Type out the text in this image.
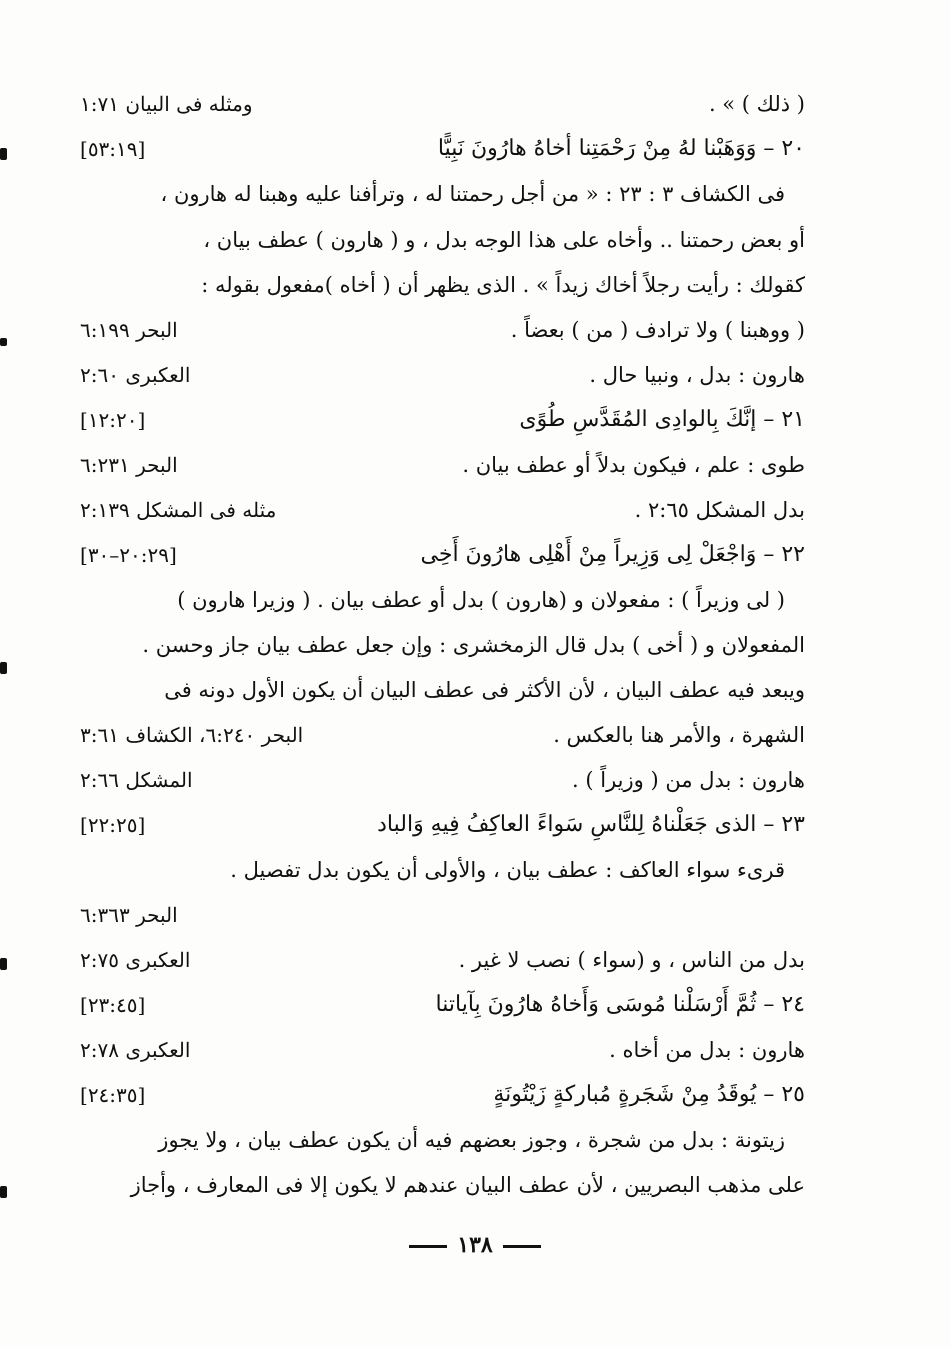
( ذلك ) » .
ومثله فى البيان ١:٧١
٢٠ – وَوَهَبْنا لهُ مِنْ رَحْمَتِنا أخاهُ هارُونَ نَبِيًّا
[٥٣:١٩]
فى الكشاف ٣ : ٢٣ : « من أجل رحمتنا له ، وترأفنا عليه وهبنا له هارون ،
أو بعض رحمتنا .. وأخاه على هذا الوجه بدل ، و ( هارون ) عطف بيان ،
كقولك : رأيت رجلاً أخاك زيداً » . الذى يظهر أن ( أخاه )مفعول بقوله :
( ووهبنا ) ولا ترادف ( من ) بعضاً .
البحر ٦:١٩٩
هارون : بدل ، ونبيا حال .
العكبرى ٢:٦٠
٢١ – إنَّكَ بِالوادِى المُقَدَّسِ طُوًى
[١٢:٢٠]
طوى : علم ، فيكون بدلاً أو عطف بيان .
البحر ٦:٢٣١
بدل المشكل ٢:٦٥ .
مثله فى المشكل ٢:١٣٩
٢٢ – وَاجْعَلْ لِى وَزِيراً مِنْ أَهْلِى هارُونَ أَخِى
[٢٠:٢٩–٣٠]
( لى وزيراً ) : مفعولان و (هارون ) بدل أو عطف بيان . ( وزيرا هارون )
المفعولان و ( أخى ) بدل قال الزمخشرى : وإن جعل عطف بيان جاز وحسن .
ويبعد فيه عطف البيان ، لأن الأكثر فى عطف البيان أن يكون الأول دونه فى
الشهرة ، والأمر هنا بالعكس .
البحر ٦:٢٤٠، الكشاف ٣:٦١
هارون : بدل من ( وزيراً ) .
المشكل ٢:٦٦
٢٣ – الذى جَعَلْناهُ لِلنَّاسِ سَواءً العاكِفُ فِيهِ وَالباد
[٢٢:٢٥]
قرىء سواء العاكف : عطف بيان ، والأولى أن يكون بدل تفصيل .
البحر ٦:٣٦٣
بدل من الناس ، و (سواء ) نصب لا غير .
العكبرى ٢:٧٥
٢٤ – ثُمَّ أَرْسَلْنا مُوسَى وَأَخاهُ هارُونَ بِآياتنا
[٢٣:٤٥]
هارون : بدل من أخاه .
العكبرى ٢:٧٨
٢٥ – يُوقَدُ مِنْ شَجَرةٍ مُباركةٍ زَيْتُونَةٍ
[٢٤:٣٥]
زيتونة : بدل من شجرة ، وجوز بعضهم فيه أن يكون عطف بيان ، ولا يجوز
على مذهب البصريين ، لأن عطف البيان عندهم لا يكون إلا فى المعارف ، وأجاز
١٣٨
